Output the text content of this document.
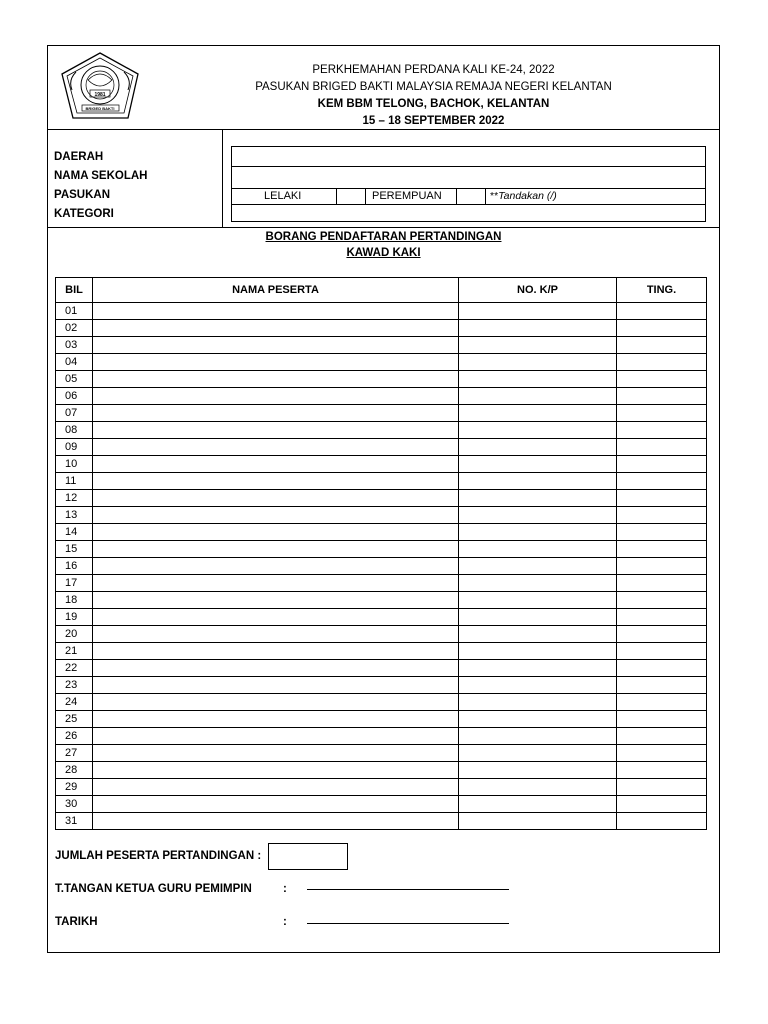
1981
BRIGED BAKTI
PERKHEMAHAN PERDANA KALI KE-24, 2022
PASUKAN BRIGED BAKTI MALAYSIA REMAJA NEGERI KELANTAN
KEM BBM TELONG, BACHOK, KELANTAN
15 – 18 SEPTEMBER 2022
DAERAH
NAMA SEKOLAH
PASUKAN
KATEGORI
LELAKI	PEREMPUAN	**Tandakan (/)
BORANG PENDAFTARAN PERTANDINGAN
KAWAD KAKI
BIL	NAMA PESERTA	NO. K/P	TING.
01			
02			
03			
04			
05			
06			
07			
08			
09			
10			
11			
12			
13			
14			
15			
16			
17			
18			
19			
20			
21			
22			
23			
24			
25			
26			
27			
28			
29			
30			
31			
JUMLAH PESERTA PERTANDINGAN :
T.TANGAN KETUA GURU PEMIMPIN	:
TARIKH	:
